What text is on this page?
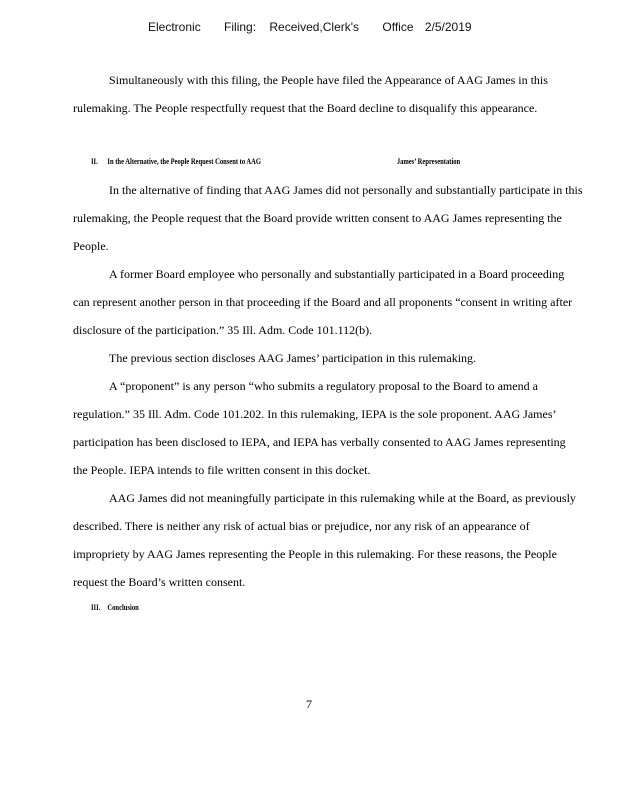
Electronic Filing: Received,Clerk's Office 2/5/2019

Simultaneously with this filing, the People have filed the Appearance of AAG James in this rulemaking. The People respectfully request that the Board decline to disqualify this appearance.

II. In the Alternative, the People Request Consent to AAG	James’ Representation

In the alternative of finding that AAG James did not personally and substantially participate in this rulemaking, the People request that the Board provide written consent to AAG James representing the People.

A former Board employee who personally and substantially participated in a Board proceeding can represent another person in that proceeding if the Board and all proponents “consent in writing after disclosure of the participation.” 35 Ill. Adm. Code 101.112(b).

The previous section discloses AAG James’ participation in this rulemaking.

A “proponent” is any person “who submits a regulatory proposal to the Board to amend a regulation.” 35 Ill. Adm. Code 101.202. In this rulemaking, IEPA is the sole proponent. AAG James’ participation has been disclosed to IEPA, and IEPA has verbally consented to AAG James representing the People. IEPA intends to file written consent in this docket.

AAG James did not meaningfully participate in this rulemaking while at the Board, as previously described. There is neither any risk of actual bias or prejudice, nor any risk of an appearance of impropriety by AAG James representing the People in this rulemaking. For these reasons, the People request the Board’s written consent.

III. Conclusion
7
